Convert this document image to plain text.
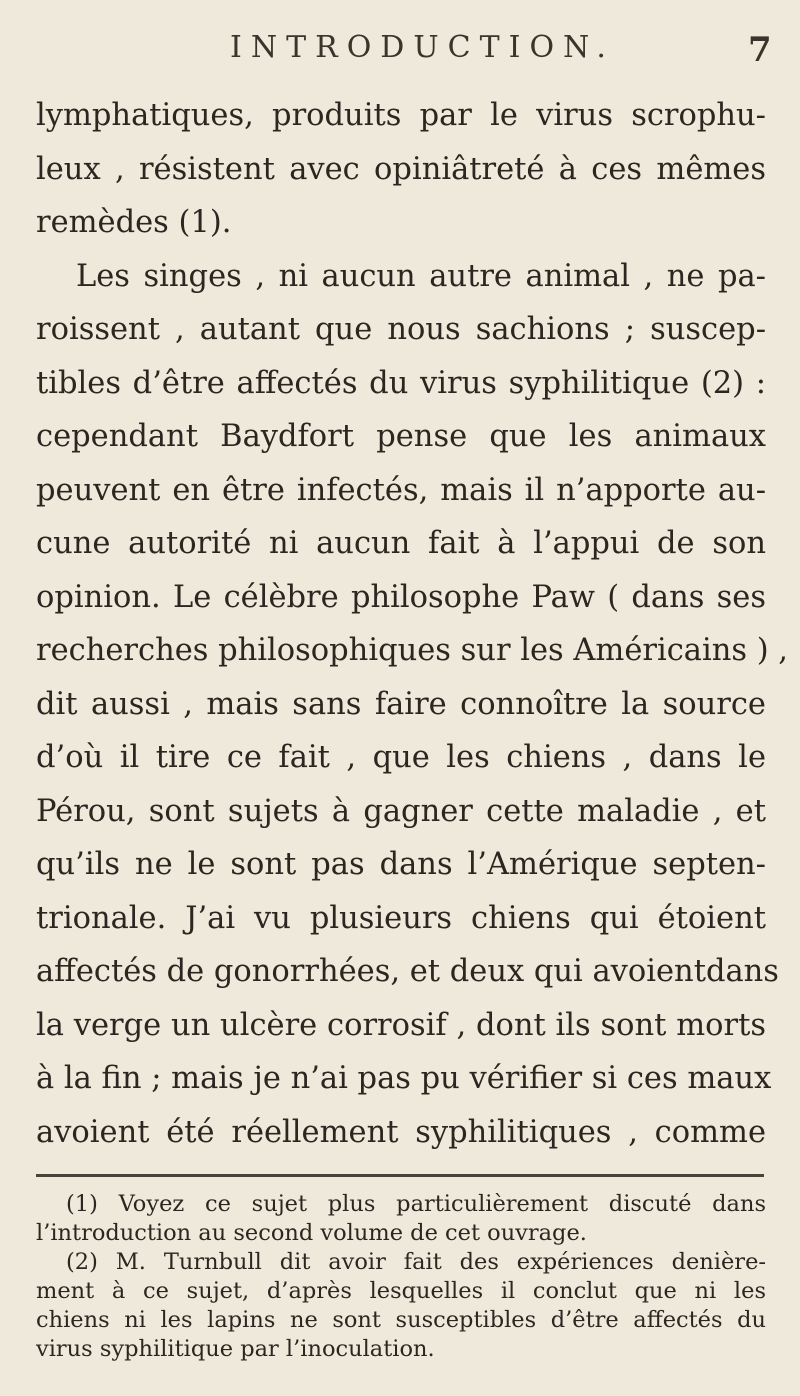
INTRODUCTION.	7
lymphatiques, produits par le virus scrophu-
leux , résistent avec opiniâtreté à ces mêmes
remèdes (1).
Les singes , ni aucun autre animal , ne pa-
roissent , autant que nous sachions ; suscep-
tibles d’être affectés du virus syphilitique (2) :
cependant Baydfort pense que les animaux
peuvent en être infectés, mais il n’apporte au-
cune autorité ni aucun fait à l’appui de son
opinion. Le célèbre philosophe Paw ( dans ses
recherches philosophiques sur les Américains ) ,
dit aussi , mais sans faire connoître la source
d’où il tire ce fait , que les chiens , dans le
Pérou, sont sujets à gagner cette maladie , et
qu’ils ne le sont pas dans l’Amérique septen-
trionale. J’ai vu plusieurs chiens qui étoient
affectés de gonorrhées, et deux qui avoientdans
la verge un ulcère corrosif , dont ils sont morts
à la fin ; mais je n’ai pas pu vérifier si ces maux
avoient été réellement syphilitiques , comme
(1) Voyez ce sujet plus particulièrement discuté dans
l’introduction au second volume de cet ouvrage.
(2) M. Turnbull dit avoir fait des expériences denière-
ment à ce sujet, d’après lesquelles il conclut que ni les
chiens ni les lapins ne sont susceptibles d’être affectés du
virus syphilitique par l’inoculation.
